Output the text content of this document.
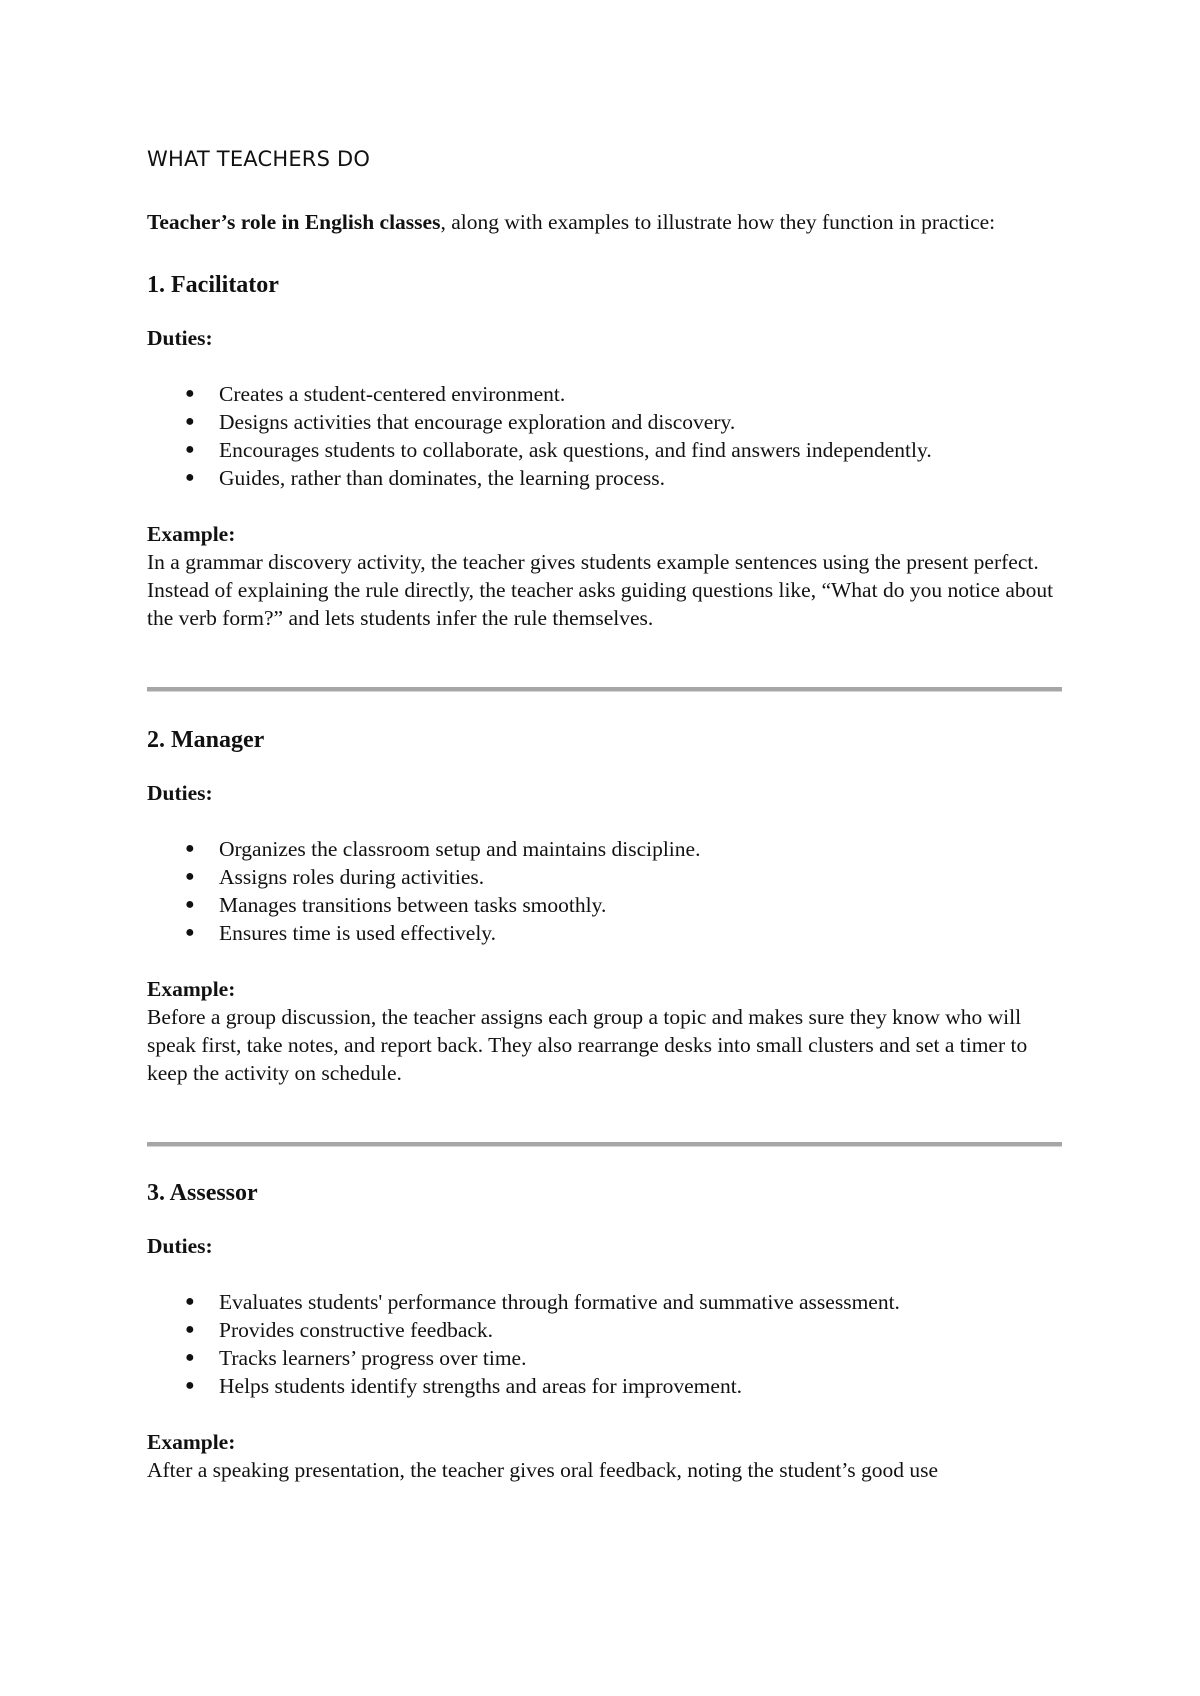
WHAT TEACHERS DO
Teacher’s role in English classes, along with examples to illustrate how they function in practice:
1. Facilitator
Duties:
● Creates a student-centered environment.
● Designs activities that encourage exploration and discovery.
● Encourages students to collaborate, ask questions, and find answers independently.
● Guides, rather than dominates, the learning process.
Example:
In a grammar discovery activity, the teacher gives students example sentences using the present perfect. Instead of explaining the rule directly, the teacher asks guiding questions like, “What do you notice about the verb form?” and lets students infer the rule themselves.
2. Manager
Duties:
● Organizes the classroom setup and maintains discipline.
● Assigns roles during activities.
● Manages transitions between tasks smoothly.
● Ensures time is used effectively.
Example:
Before a group discussion, the teacher assigns each group a topic and makes sure they know who will speak first, take notes, and report back. They also rearrange desks into small clusters and set a timer to keep the activity on schedule.
3. Assessor
Duties:
● Evaluates students' performance through formative and summative assessment.
● Provides constructive feedback.
● Tracks learners’ progress over time.
● Helps students identify strengths and areas for improvement.
Example:
After a speaking presentation, the teacher gives oral feedback, noting the student’s good use
